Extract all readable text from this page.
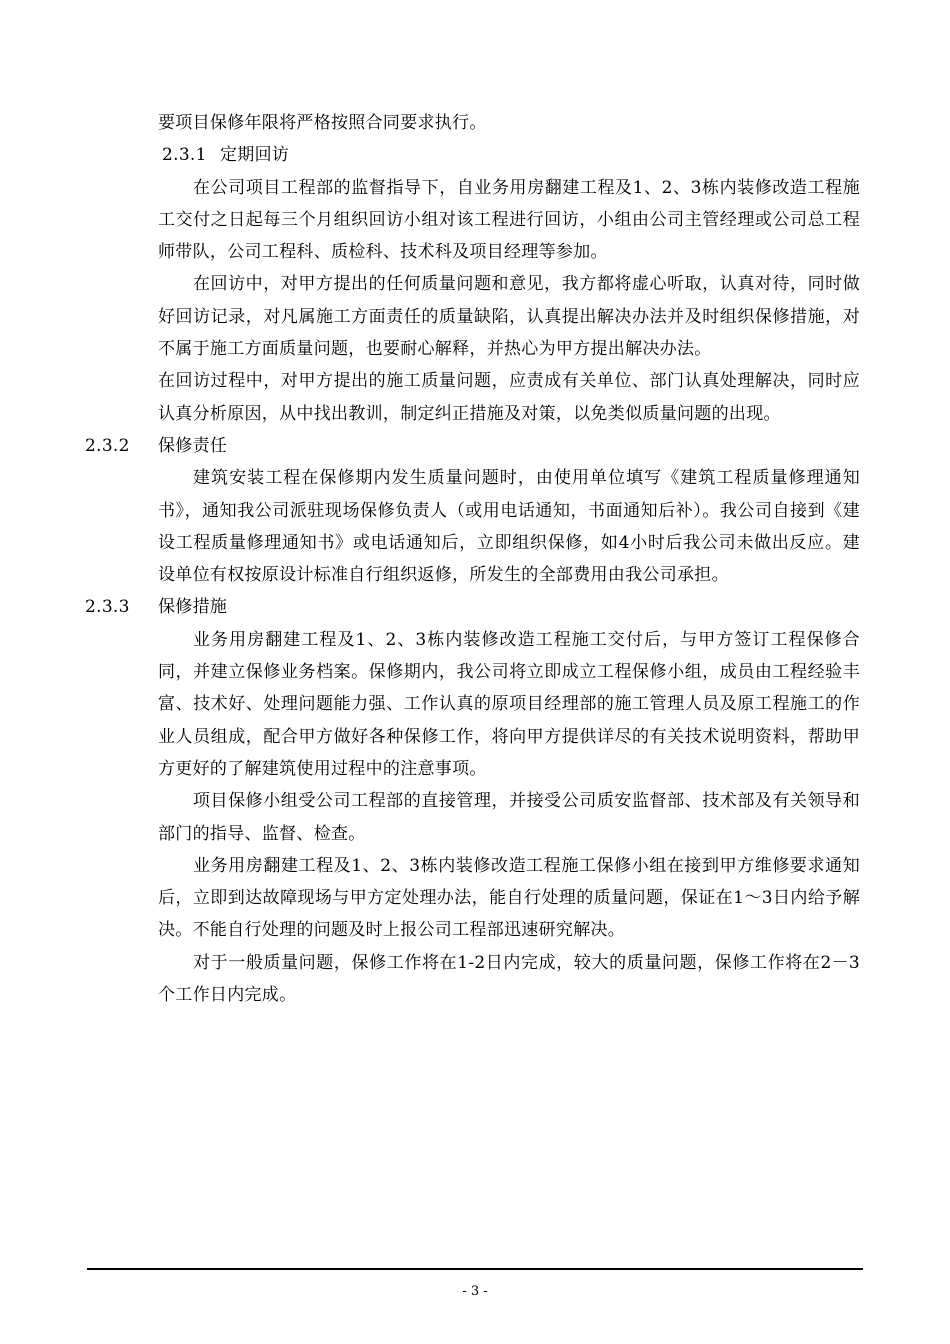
要项目保修年限将严格按照合同要求执行。

2.3.1 定期回访

在公司项目工程部的监督指导下，自业务用房翻建工程及1、2、3栋内装修改造工程施工交付之日起每三个月组织回访小组对该工程进行回访，小组由公司主管经理或公司总工程师带队，公司工程科、质检科、技术科及项目经理等参加。

在回访中，对甲方提出的任何质量问题和意见，我方都将虚心听取，认真对待，同时做好回访记录，对凡属施工方面责任的质量缺陷，认真提出解决办法并及时组织保修措施，对不属于施工方面质量问题，也要耐心解释，并热心为甲方提出解决办法。

在回访过程中，对甲方提出的施工质量问题，应责成有关单位、部门认真处理解决，同时应认真分析原因，从中找出教训，制定纠正措施及对策，以免类似质量问题的出现。

2.3.2 保修责任

建筑安装工程在保修期内发生质量问题时，由使用单位填写《建筑工程质量修理通知书》，通知我公司派驻现场保修负责人（或用电话通知，书面通知后补）。我公司自接到《建设工程质量修理通知书》或电话通知后，立即组织保修，如4小时后我公司未做出反应。建设单位有权按原设计标准自行组织返修，所发生的全部费用由我公司承担。

2.3.3 保修措施

业务用房翻建工程及1、2、3栋内装修改造工程施工交付后，与甲方签订工程保修合同，并建立保修业务档案。保修期内，我公司将立即成立工程保修小组，成员由工程经验丰富、技术好、处理问题能力强、工作认真的原项目经理部的施工管理人员及原工程施工的作业人员组成，配合甲方做好各种保修工作，将向甲方提供详尽的有关技术说明资料，帮助甲方更好的了解建筑使用过程中的注意事项。

项目保修小组受公司工程部的直接管理，并接受公司质安监督部、技术部及有关领导和部门的指导、监督、检查。

业务用房翻建工程及1、2、3栋内装修改造工程施工保修小组在接到甲方维修要求通知后，立即到达故障现场与甲方定处理办法，能自行处理的质量问题，保证在1～3日内给予解决。不能自行处理的问题及时上报公司工程部迅速研究解决。

对于一般质量问题，保修工作将在1-2日内完成，较大的质量问题，保修工作将在2－3个工作日内完成。

- 3 -
